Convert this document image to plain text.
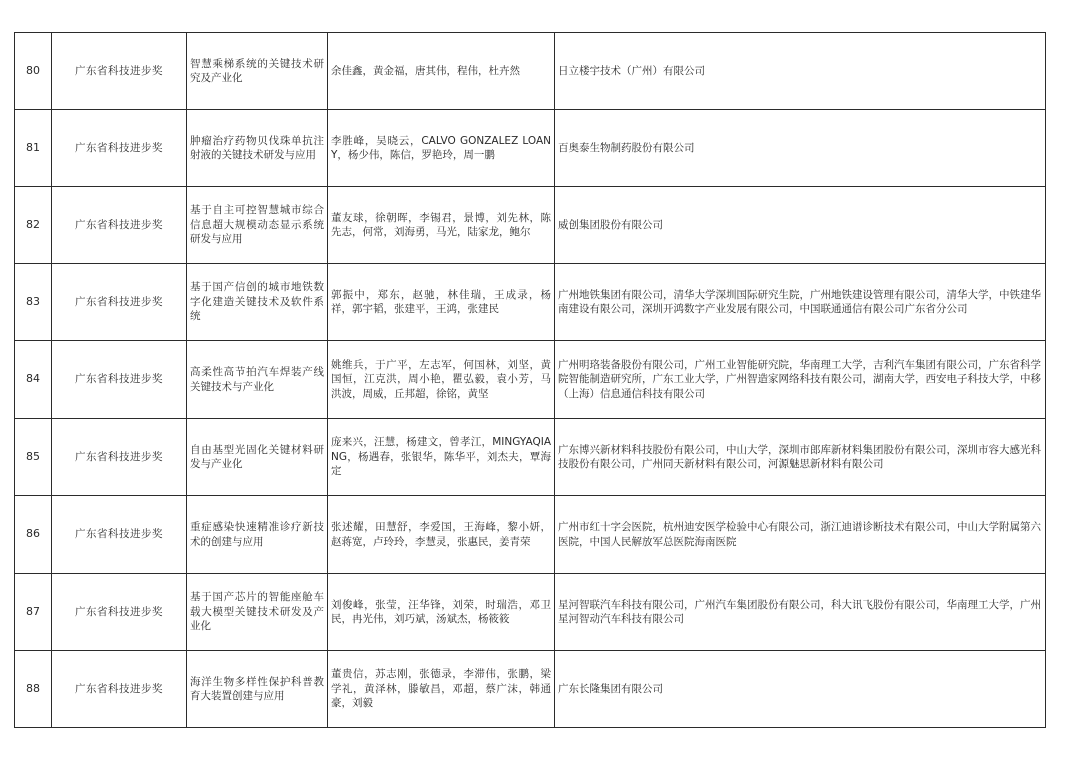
80	广东省科技进步奖	智慧乘梯系统的关键技术研究及产业化	余佳鑫，黄金福，唐其伟，程伟，杜卉然	日立楼宇技术（广州）有限公司
81	广东省科技进步奖	肿瘤治疗药物贝伐珠单抗注射液的关键技术研发与应用	李胜峰，吴晓云，CALVO GONZALEZ LOANY，杨少伟，陈信，罗艳玲，周一鹏	百奥泰生物制药股份有限公司
82	广东省科技进步奖	基于自主可控智慧城市综合信息超大规模动态显示系统研发与应用	董友球，徐朝晖，李锡君，景博，刘先林，陈先志，何常，刘海勇，马光，陆家龙，鲍尔	威创集团股份有限公司
83	广东省科技进步奖	基于国产信创的城市地铁数字化建造关键技术及软件系统	郭振中，郑东，赵驰，林佳瑞，王成录，杨祥，郭宇韬，张建平，王鸿，张建民	广州地铁集团有限公司，清华大学深圳国际研究生院，广州地铁建设管理有限公司，清华大学，中铁建华南建设有限公司，深圳开鸿数字产业发展有限公司，中国联通通信有限公司广东省分公司
84	广东省科技进步奖	高柔性高节拍汽车焊装产线关键技术与产业化	姚维兵，于广平，左志军，何国林，刘坚，黄国恒，江克洪，周小艳，瞿弘毅，袁小芳，马洪波，周威，丘邦超，徐铭，黄坚	广州明珞装备股份有限公司，广州工业智能研究院，华南理工大学，吉利汽车集团有限公司，广东省科学院智能制造研究所，广东工业大学，广州智造家网络科技有限公司，湖南大学，西安电子科技大学，中移（上海）信息通信科技有限公司
85	广东省科技进步奖	自由基型光固化关键材料研发与产业化	庞来兴，汪慧，杨建文，曾孝江，MINGYAQIANG，杨遇春，张银华，陈华平，刘杰夫，覃海定	广东博兴新材料科技股份有限公司，中山大学，深圳市郎库新材料集团股份有限公司，深圳市容大感光科技股份有限公司，广州同天新材料有限公司，河源魅思新材料有限公司
86	广东省科技进步奖	重症感染快速精准诊疗新技术的创建与应用	张述耀，田慧舒，李爱国，王海峰，黎小妍，赵蒋宽，卢玲玲，李慧灵，张惠民，姜青荣	广州市红十字会医院，杭州迪安医学检验中心有限公司，浙江迪谱诊断技术有限公司，中山大学附属第六医院，中国人民解放军总医院海南医院
87	广东省科技进步奖	基于国产芯片的智能座舱车载大模型关键技术研发及产业化	刘俊峰，张莹，汪华锋，刘荣，时瑞浩，邓卫民，冉光伟，刘巧斌，汤斌杰，杨筱筱	星河智联汽车科技有限公司，广州汽车集团股份有限公司，科大讯飞股份有限公司，华南理工大学，广州星河智动汽车科技有限公司
88	广东省科技进步奖	海洋生物多样性保护科普教育大装置创建与应用	董贵信，苏志刚，张德录，李滞伟，张鹏，梁学礼，黄泽林，滕敏昌，邓超，蔡广沫，韩通豪，刘毅	广东长隆集团有限公司
